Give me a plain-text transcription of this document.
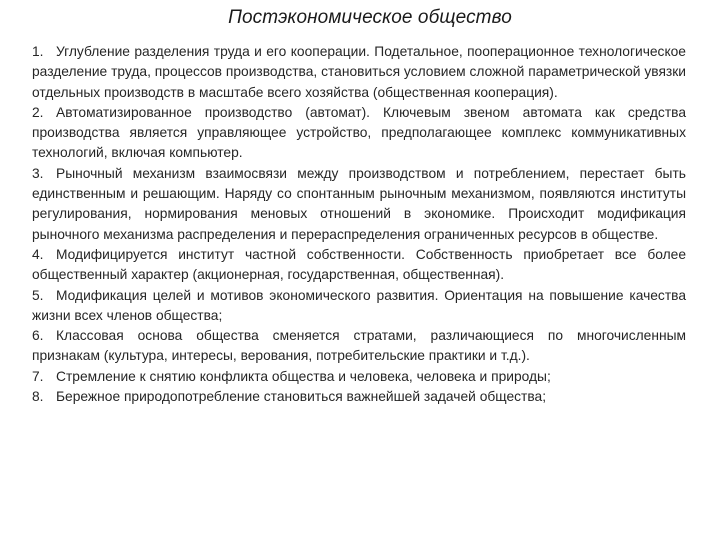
Постэкономическое общество

1. Углубление разделения труда и его кооперации. Подетальное, пооперационное технологическое разделение труда, процессов производства, становиться условием сложной параметрической увязки отдельных производств в масштабе всего хозяйства (общественная кооперация).

2. Автоматизированное производство (автомат). Ключевым звеном автомата как средства производства является управляющее устройство, предполагающее комплекс коммуникативных технологий, включая компьютер.

3. Рыночный механизм взаимосвязи между производством и потреблением, перестает быть единственным и решающим. Наряду со спонтанным рыночным механизмом, появляются институты регулирования, нормирования меновых отношений в экономике. Происходит модификация рыночного механизма распределения и перераспределения ограниченных ресурсов в обществе.

4. Модифицируется институт частной собственности. Собственность приобретает все более общественный характер (акционерная, государственная, общественная).

5. Модификация целей и мотивов экономического развития. Ориентация на повышение качества жизни всех членов общества;

6. Классовая основа общества сменяется стратами, различающиеся по многочисленным признакам (культура, интересы, верования, потребительские практики и т.д.).

7. Стремление к снятию конфликта общества и человека, человека и природы;

8. Бережное природопотребление становиться важнейшей задачей общества;
